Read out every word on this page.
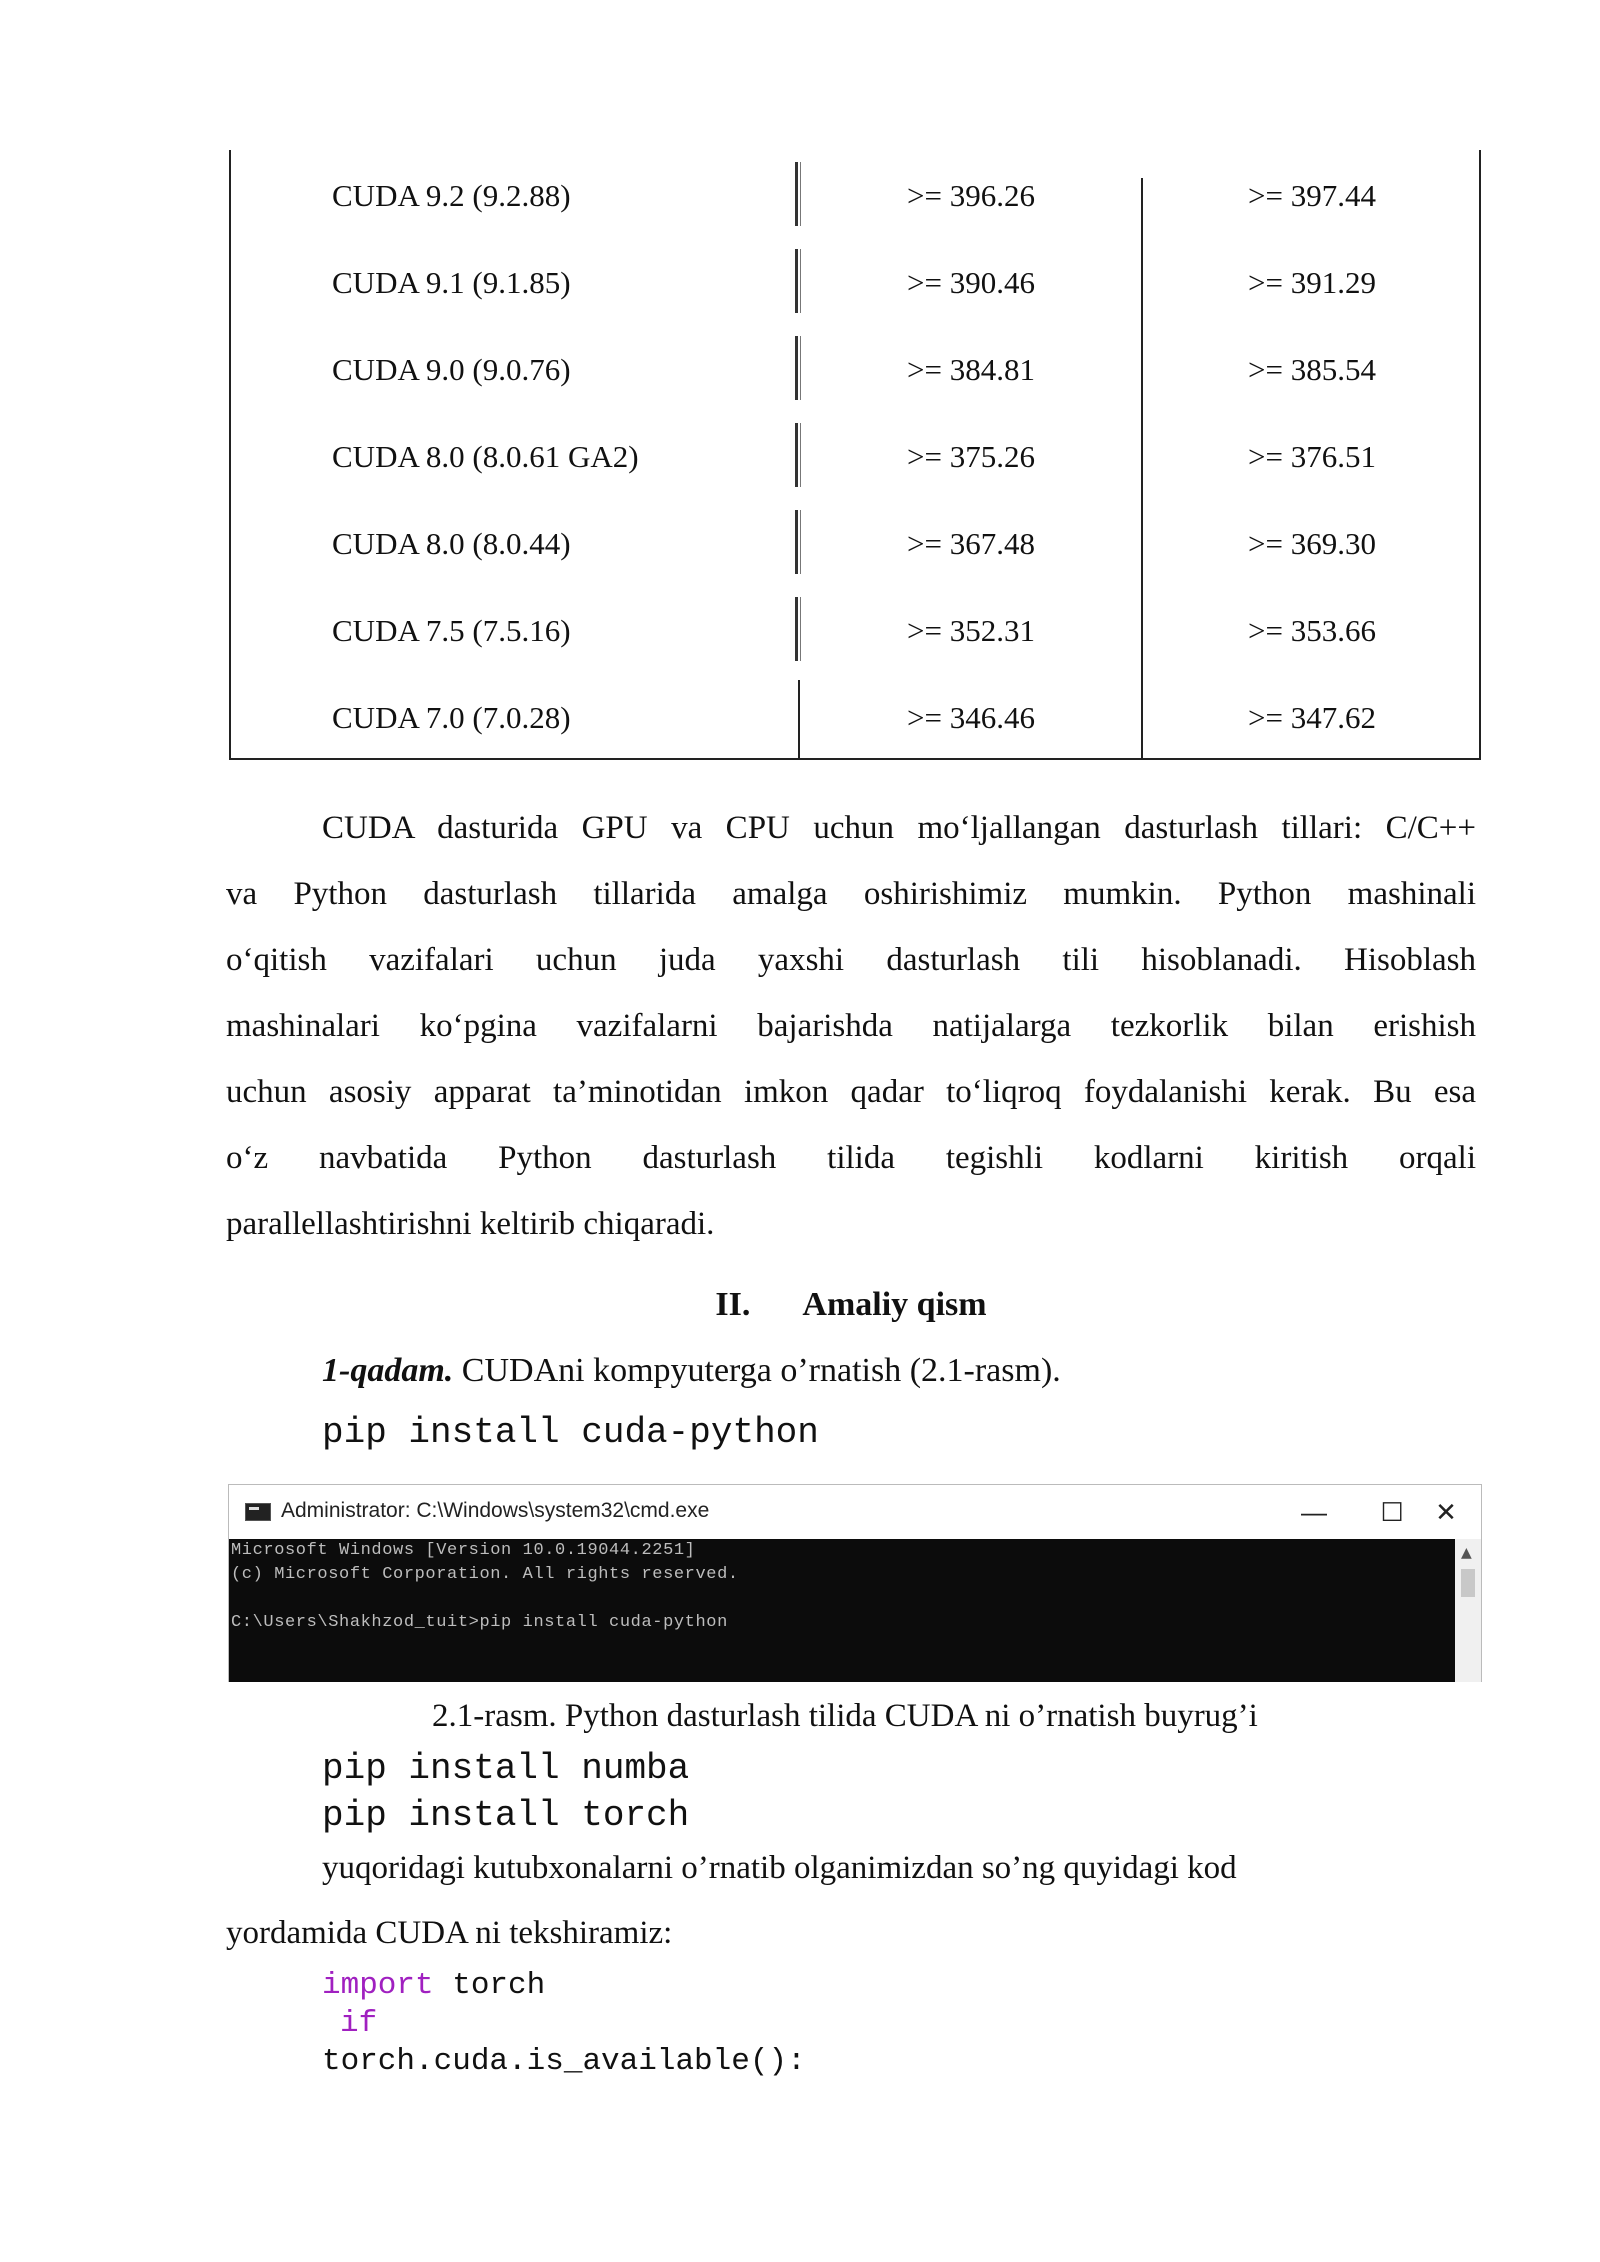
CUDA 9.2 (9.2.88)	>= 396.26	>= 397.44
CUDA 9.1 (9.1.85)	>= 390.46	>= 391.29
CUDA 9.0 (9.0.76)	>= 384.81	>= 385.54
CUDA 8.0 (8.0.61 GA2)	>= 375.26	>= 376.51
CUDA 8.0 (8.0.44)	>= 367.48	>= 369.30
CUDA 7.5 (7.5.16)	>= 352.31	>= 353.66
CUDA 7.0 (7.0.28)	>= 346.46	>= 347.62
CUDA dasturida GPU va CPU uchun mo‘ljallangan dasturlash tillari: C/C++
va Python dasturlash tillarida amalga oshirishimiz mumkin. Python mashinali
o‘qitish vazifalari uchun juda yaxshi dasturlash tili hisoblanadi. Hisoblash
mashinalari ko‘pgina vazifalarni bajarishda natijalarga tezkorlik bilan erishish
uchun asosiy apparat ta’minotidan imkon qadar to‘liqroq foydalanishi kerak. Bu esa
o‘z navbatida Python dasturlash tilida tegishli kodlarni kiritish orqali
parallellashtirishni keltirib chiqaradi.
II. Amaliy qism
1-qadam. CUDAni kompyuterga o’rnatish (2.1-rasm).
pip install cuda-python
Administrator: C:\Windows\system32\cmd.exe	—	☐	✕
Microsoft Windows [Version 10.0.19044.2251]
(c) Microsoft Corporation. All rights reserved.
C:\Users\Shakhzod_tuit>pip install cuda-python
▲
2.1-rasm. Python dasturlash tilida CUDA ni o’rnatish buyrug’i
pip install numba
pip install torch
yuqoridagi kutubxonalarni o’rnatib olganimizdan so’ng quyidagi kod
yordamida CUDA ni tekshiramiz:
import torch
if
torch.cuda.is_available():
